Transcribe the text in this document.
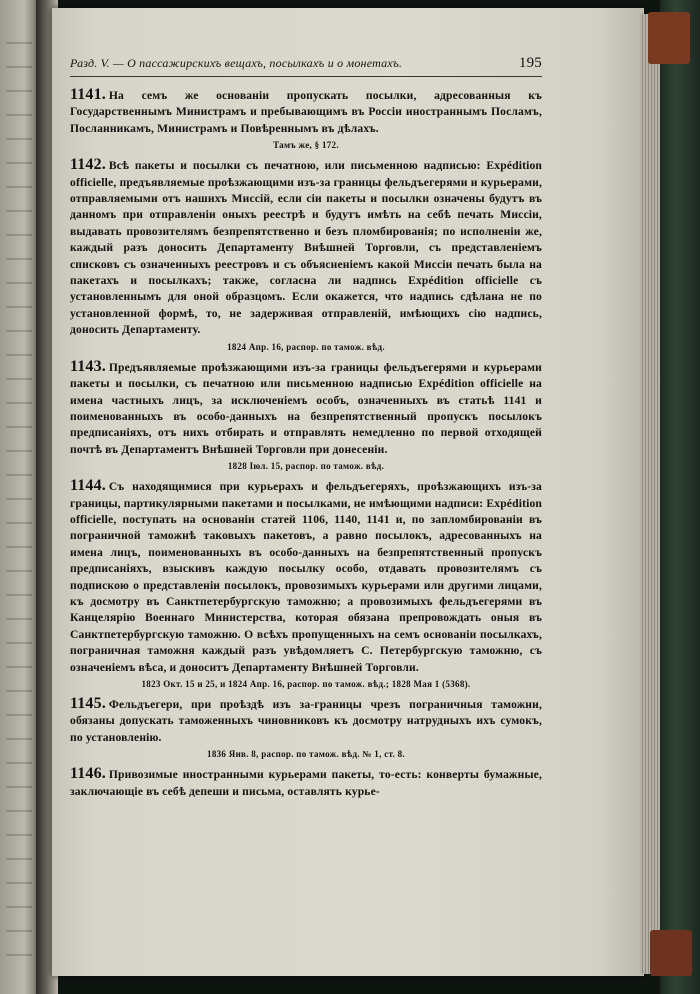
Разд. V. — О пассажирскихъ вещахъ, посылкахъ и о монетахъ.	195

1141. На семъ же основаніи пропускать посылки, адресованныя къ Государственнымъ Министрамъ и пребывающимъ въ Россіи иностраннымъ Посламъ, Посланникамъ, Министрамъ и Повѣреннымъ въ дѣлахъ.

Тамъ же, § 172.

1142. Всѣ пакеты и посылки съ печатною, или письменною надписью: Expédition officielle, предъявляемые проѣзжающими изъ-за границы фельдъегерями и курьерами, отправляемыми отъ нашихъ Миссій, если сіи пакеты и посылки означены будутъ въ данномъ при отправленіи оныхъ реестрѣ и будутъ имѣть на себѣ печать Миссіи, выдавать провозителямъ безпрепятственно и безъ пломбированія; по исполненіи же, каждый разъ доносить Департаменту Внѣшней Торговли, съ представленіемъ списковъ съ означенныхъ реестровъ и съ объясненіемъ какой Миссіи печать была на пакетахъ и посылкахъ; также, согласна ли надпись Expédition officielle съ установленнымъ для оной образцомъ. Если окажется, что надпись сдѣлана не по установленной формѣ, то, не задерживая отправленій, имѣющихъ сію надпись, доносить Департаменту.

1824 Апр. 16, распор. по тамож. вѣд.

1143. Предъявляемые проѣзжающими изъ-за границы фельдъегерями и курьерами пакеты и посылки, съ печатною или письменною надписью Expédition officielle на имена частныхъ лицъ, за исключеніемъ особъ, означенныхъ въ статьѣ 1141 и поименованныхъ въ особо-данныхъ на безпрепятственный пропускъ посылокъ предписаніяхъ, отъ нихъ отбирать и отправлять немедленно по первой отходящей почтѣ въ Департаментъ Внѣшней Торговли при донесеніи.

1828 Іюл. 15, распор. по тамож. вѣд.

1144. Съ находящимися при курьерахъ и фельдъегеряхъ, проѣзжающихъ изъ-за границы, партикулярными пакетами и посылками, не имѣющими надписи: Expédition officielle, поступать на основаніи статей 1106, 1140, 1141 и, по запломбированіи въ пограничной таможнѣ таковыхъ пакетовъ, а равно посылокъ, адресованныхъ на имена лицъ, поименованныхъ въ особо-данныхъ на безпрепятственный пропускъ предписаніяхъ, взыскивъ каждую посылку особо, отдавать провозителямъ съ подпискою о представленіи посылокъ, провозимыхъ курьерами или другими лицами, къ досмотру въ Санктпетербургскую таможню; а провозимыхъ фельдъегерями въ Канцелярію Военнаго Министерства, которая обязана препровождать оныя въ Санктпетербургскую таможню. О всѣхъ пропущенныхъ на семъ основаніи посылкахъ, пограничная таможня каждый разъ увѣдомляетъ С. Петербургскую таможню, съ означеніемъ вѣса, и доноситъ Департаменту Внѣшней Торговли.

1823 Окт. 15 и 25, и 1824 Апр. 16, распор. по тамож. вѣд.; 1828 Мая 1 (5368).

1145. Фельдъегери, при проѣздѣ изъ за-границы чрезъ пограничныя таможни, обязаны допускать таможенныхъ чиновниковъ къ досмотру натрудныхъ ихъ сумокъ, по установленію.

1836 Янв. 8, распор. по тамож. вѣд. № 1, ст. 8.

1146. Привозимые иностранными курьерами пакеты, то-есть: конверты бумажные, заключающіе въ себѣ депеши и письма, оставлять курье-
